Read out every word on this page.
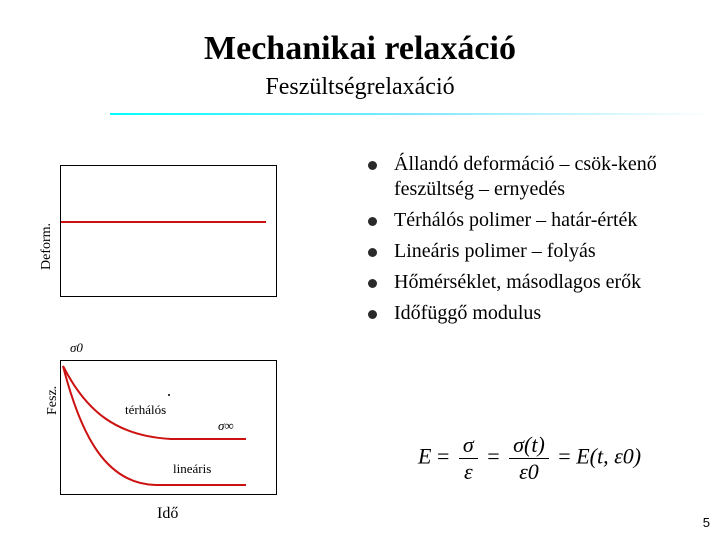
Mechanikai relaxáció
Feszültségrelaxáció
Deform.
Fesz.
σ0
térhálós
σ∞
lineáris
Idő
Állandó deformáció – csök-kenő feszültség – ernyedés
Térhálós polimer – határ-érték
Lineáris polimer – folyás
Hőmérséklet, másodlagos erők
Időfüggő modulus
$E = \frac{\sigma}{\varepsilon} = \frac{\sigma(t)}{\varepsilon 0} = E(t$, ε0)
5
